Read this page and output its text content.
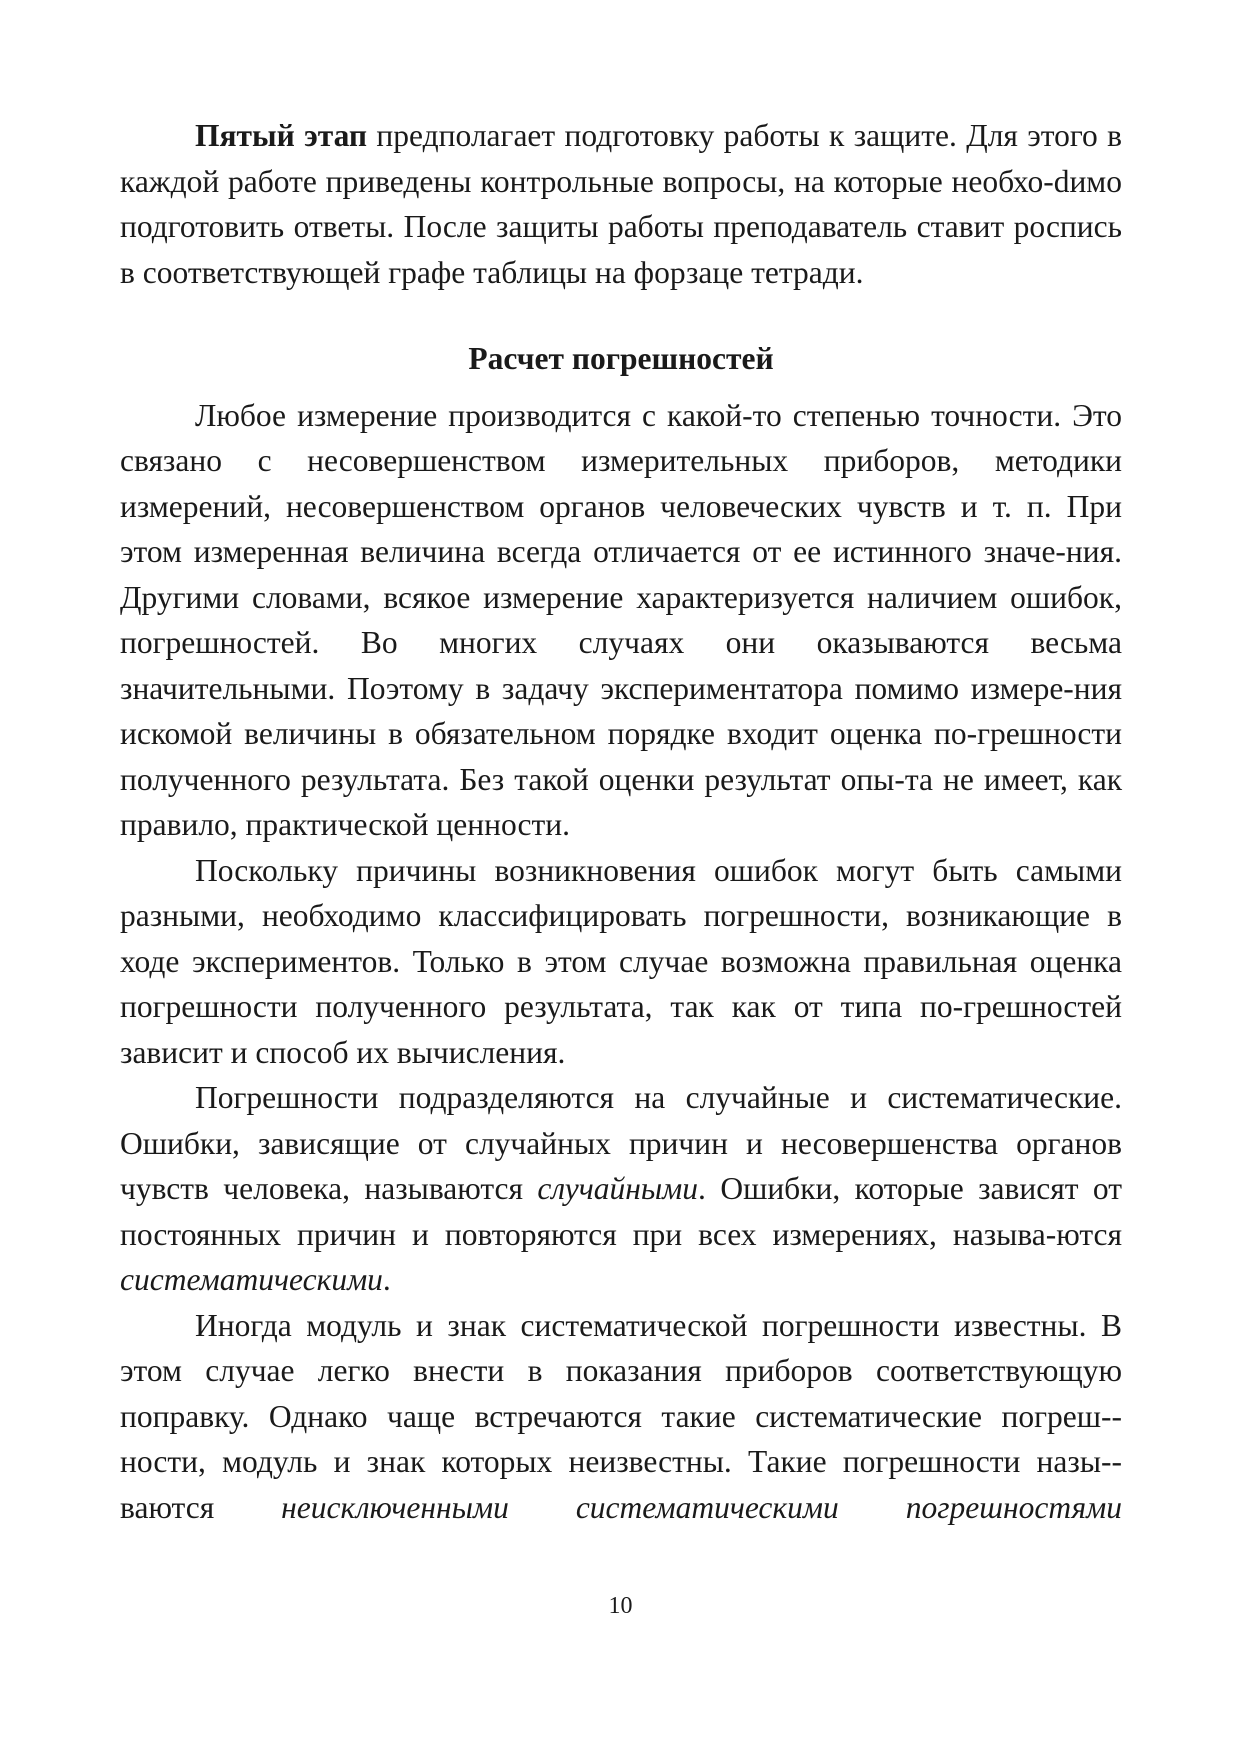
Пятый этап предполагает подготовку работы к защите. Для этого в каждой работе приведены контрольные вопросы, на которые необхо-dимо подготовить ответы. После защиты работы преподаватель ставит роспись в соответствующей графе таблицы на форзаце тетради.

Расчет погрешностей

Любое измерение производится с какой-то степенью точности. Это связано с несовершенством измерительных приборов, методики измерений, несовершенством органов человеческих чувств и т. п. При этом измеренная величина всегда отличается от ее истинного значе-ния. Другими словами, всякое измерение характеризуется наличием ошибок, погрешностей. Во многих случаях они оказываются весьма значительными. Поэтому в задачу экспериментатора помимо измере-ния искомой величины в обязательном порядке входит оценка по-грешности полученного результата. Без такой оценки результат опы-та не имеет, как правило, практической ценности.

Поскольку причины возникновения ошибок могут быть самыми разными, необходимо классифицировать погрешности, возникающие в ходе экспериментов. Только в этом случае возможна правильная оценка погрешности полученного результата, так как от типа по-грешностей зависит и способ их вычисления.

Погрешности подразделяются на случайные и систематические. Ошибки, зависящие от случайных причин и несовершенства органов чувств человека, называются случайными. Ошибки, которые зависят от постоянных причин и повторяются при всех измерениях, называ-ются систематическими.

Иногда модуль и знак систематической погрешности известны. В этом случае легко внести в показания приборов соответствующую поправку. Однако чаще встречаются такие систематические погреш-ности, модуль и знак которых неизвестны. Такие погрешности назы-ваются неисключенными систематическими погрешностями

10
